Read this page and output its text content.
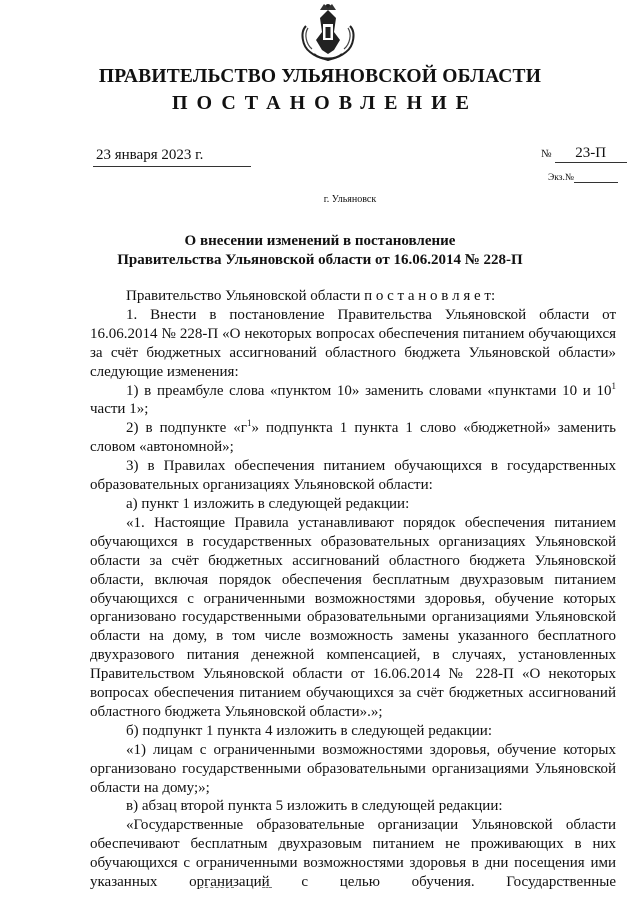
ПРАВИТЕЛЬСТВО УЛЬЯНОВСКОЙ ОБЛАСТИ
ПОСТАНОВЛЕНИЕ
23 января 2023 г.	№ 23-П
Экз.№
г. Ульяновск
О внесении изменений в постановление
Правительства Ульяновской области от 16.06.2014 № 228-П

Правительство Ульяновской области п о с т а н о в л я е т:

1. Внести в постановление Правительства Ульяновской области от 16.06.2014 № 228-П «О некоторых вопросах обеспечения питанием обучающихся за счёт бюджетных ассигнований областного бюджета Ульяновской области» следующие изменения:

1) в преамбуле слова «пунктом 10» заменить словами «пунктами 10 и $10^1$ части 1»;

2) в подпункте «$г^1$» подпункта 1 пункта 1 слово «бюджетной» заменить словом «автономной»;

3) в Правилах обеспечения питанием обучающихся в государственных образовательных организациях Ульяновской области:

а) пункт 1 изложить в следующей редакции:

«1. Настоящие Правила устанавливают порядок обеспечения питанием обучающихся в государственных образовательных организациях Ульяновской области за счёт бюджетных ассигнований областного бюджета Ульяновской области, включая порядок обеспечения бесплатным двухразовым питанием обучающихся с ограниченными возможностями здоровья, обучение которых организовано государственными образовательными организациями Ульяновской области на дому, в том числе возможность замены указанного бесплатного двухразового питания денежной компенсацией, в случаях, установленных Правительством Ульяновской области от 16.06.2014 № 228-П «О некоторых вопросах обеспечения питанием обучающихся за счёт бюджетных ассигнований областного бюджета Ульяновской области».»;

б) подпункт 1 пункта 4 изложить в следующей редакции:

«1) лицам с ограниченными возможностями здоровья, обучение которых организовано государственными образовательными организациями Ульяновской области на дому;»;

в) абзац второй пункта 5 изложить в следующей редакции:

«Государственные образовательные организации Ульяновской области обеспечивают бесплатным двухразовым питанием не проживающих в них обучающихся с ограниченными возможностями здоровья в дни посещения ими указанных организаций с целью обучения. Государственные
